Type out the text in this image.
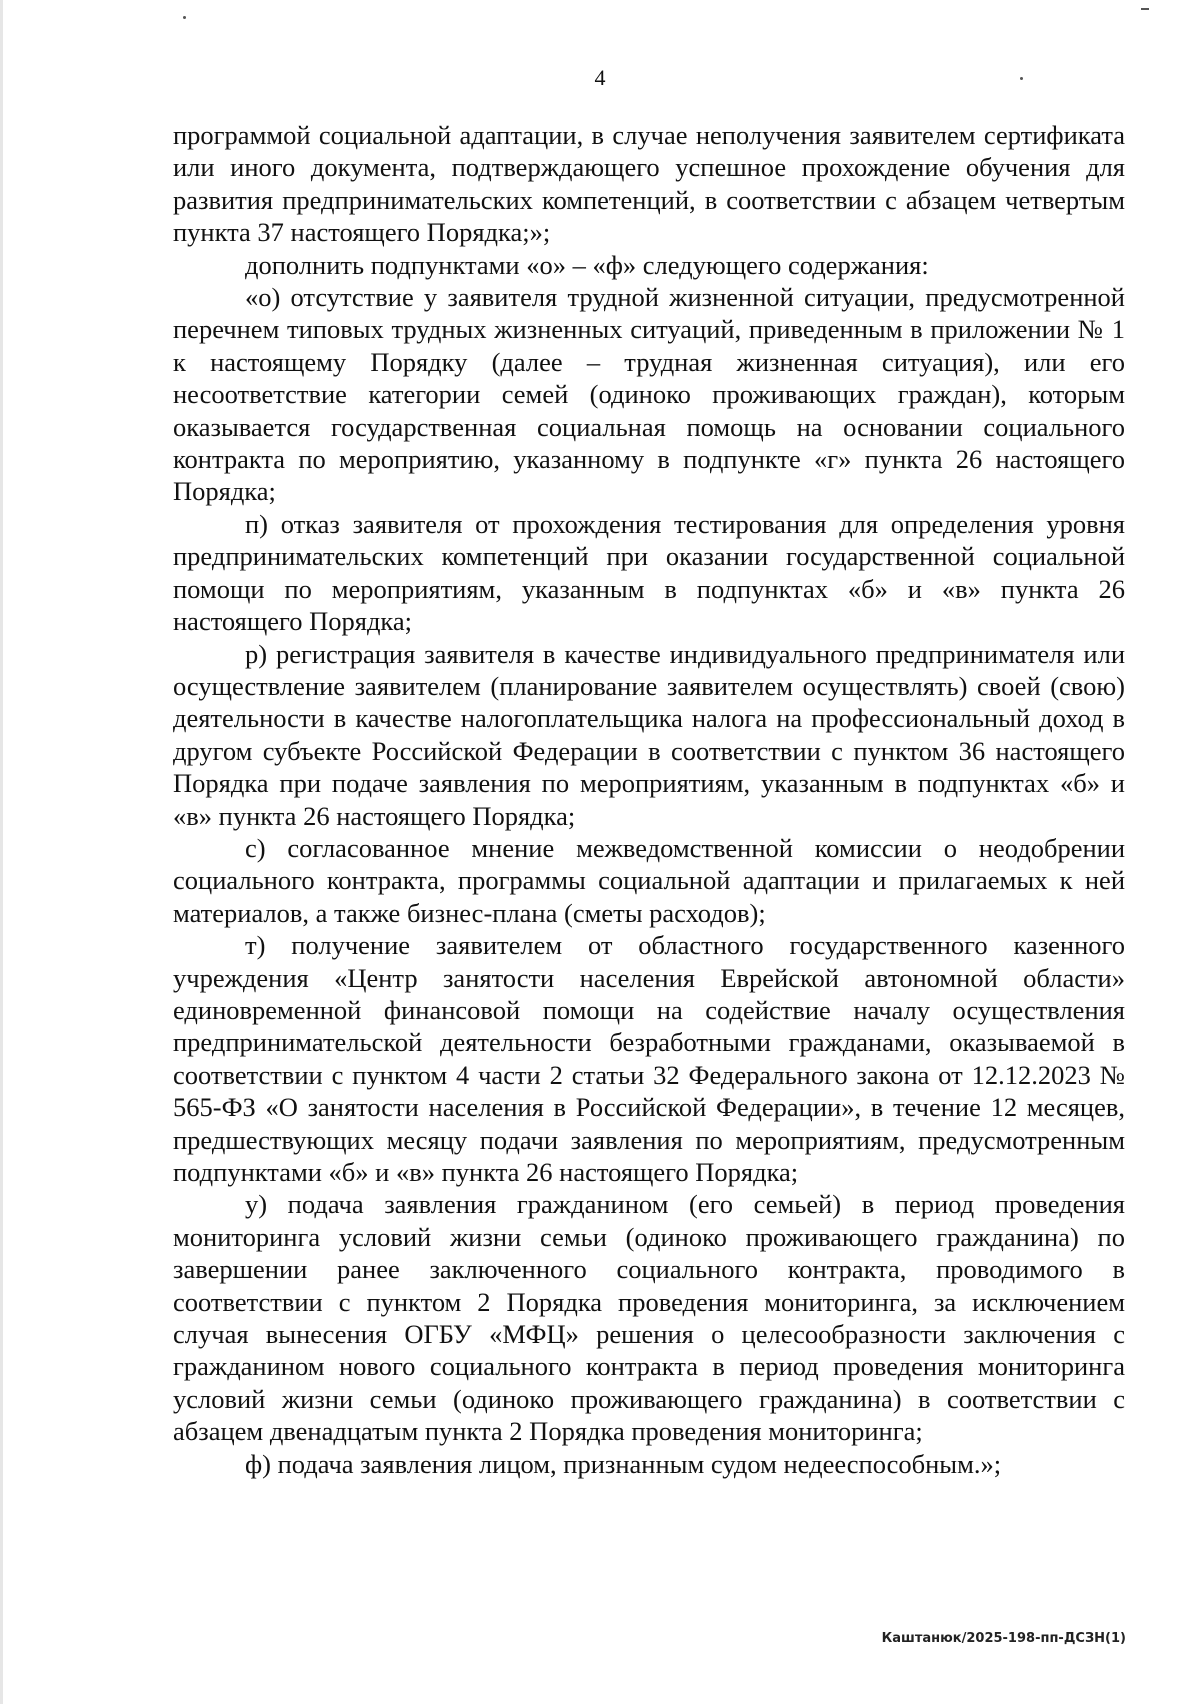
4

программой социальной адаптации, в случае неполучения заявителем сертификата или иного документа, подтверждающего успешное прохождение обучения для развития предпринимательских компетенций, в соответствии с абзацем четвертым пункта 37 настоящего Порядка;»;

дополнить подпунктами «о» – «ф» следующего содержания:

«о) отсутствие у заявителя трудной жизненной ситуации, предусмотренной перечнем типовых трудных жизненных ситуаций, приведенным в приложении № 1 к настоящему Порядку (далее – трудная жизненная ситуация), или его несоответствие категории семей (одиноко проживающих граждан), которым оказывается государственная социальная помощь на основании социального контракта по мероприятию, указанному в подпункте «г» пункта 26 настоящего Порядка;

п) отказ заявителя от прохождения тестирования для определения уровня предпринимательских компетенций при оказании государственной социальной помощи по мероприятиям, указанным в подпунктах «б» и «в» пункта 26 настоящего Порядка;

р) регистрация заявителя в качестве индивидуального предпринимателя или осуществление заявителем (планирование заявителем осуществлять) своей (свою) деятельности в качестве налогоплательщика налога на профессиональный доход в другом субъекте Российской Федерации в соответствии с пунктом 36 настоящего Порядка при подаче заявления по мероприятиям, указанным в подпунктах «б» и «в» пункта 26 настоящего Порядка;

с) согласованное мнение межведомственной комиссии о неодобрении социального контракта, программы социальной адаптации и прилагаемых к ней материалов, а также бизнес-плана (сметы расходов);

т) получение заявителем от областного государственного казенного учреждения «Центр занятости населения Еврейской автономной области» единовременной финансовой помощи на содействие началу осуществления предпринимательской деятельности безработными гражданами, оказываемой в соответствии с пунктом 4 части 2 статьи 32 Федерального закона от 12.12.2023 № 565-ФЗ «О занятости населения в Российской Федерации», в течение 12 месяцев, предшествующих месяцу подачи заявления по мероприятиям, предусмотренным подпунктами «б» и «в» пункта 26 настоящего Порядка;

у) подача заявления гражданином (его семьей) в период проведения мониторинга условий жизни семьи (одиноко проживающего гражданина) по завершении ранее заключенного социального контракта, проводимого в соответствии с пунктом 2 Порядка проведения мониторинга, за исключением случая вынесения ОГБУ «МФЦ» решения о целесообразности заключения с гражданином нового социального контракта в период проведения мониторинга условий жизни семьи (одиноко проживающего гражданина) в соответствии с абзацем двенадцатым пункта 2 Порядка проведения мониторинга;

ф) подача заявления лицом, признанным судом недееспособным.»;

Каштанюк/2025-198-пп-ДСЗН(1)
